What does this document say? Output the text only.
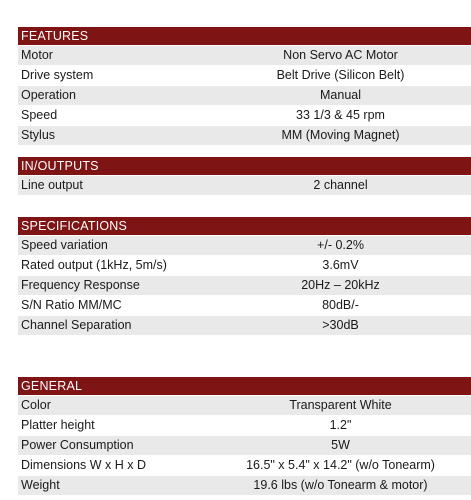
FEATURES
Motor	Non Servo AC Motor
Drive system	Belt Drive (Silicon Belt)
Operation	Manual
Speed	33 1/3 & 45 rpm
Stylus	MM (Moving Magnet)
IN/OUTPUTS
Line output	2 channel
SPECIFICATIONS
Speed variation	+/- 0.2%
Rated output (1kHz, 5m/s)	3.6mV
Frequency Response	20Hz – 20kHz
S/N Ratio MM/MC	80dB/-
Channel Separation	>30dB
GENERAL
Color	Transparent White
Platter height	1.2"
Power Consumption	5W
Dimensions W x H x D	16.5" x 5.4" x 14.2" (w/o Tonearm)
Weight	19.6 lbs (w/o Tonearm & motor)
